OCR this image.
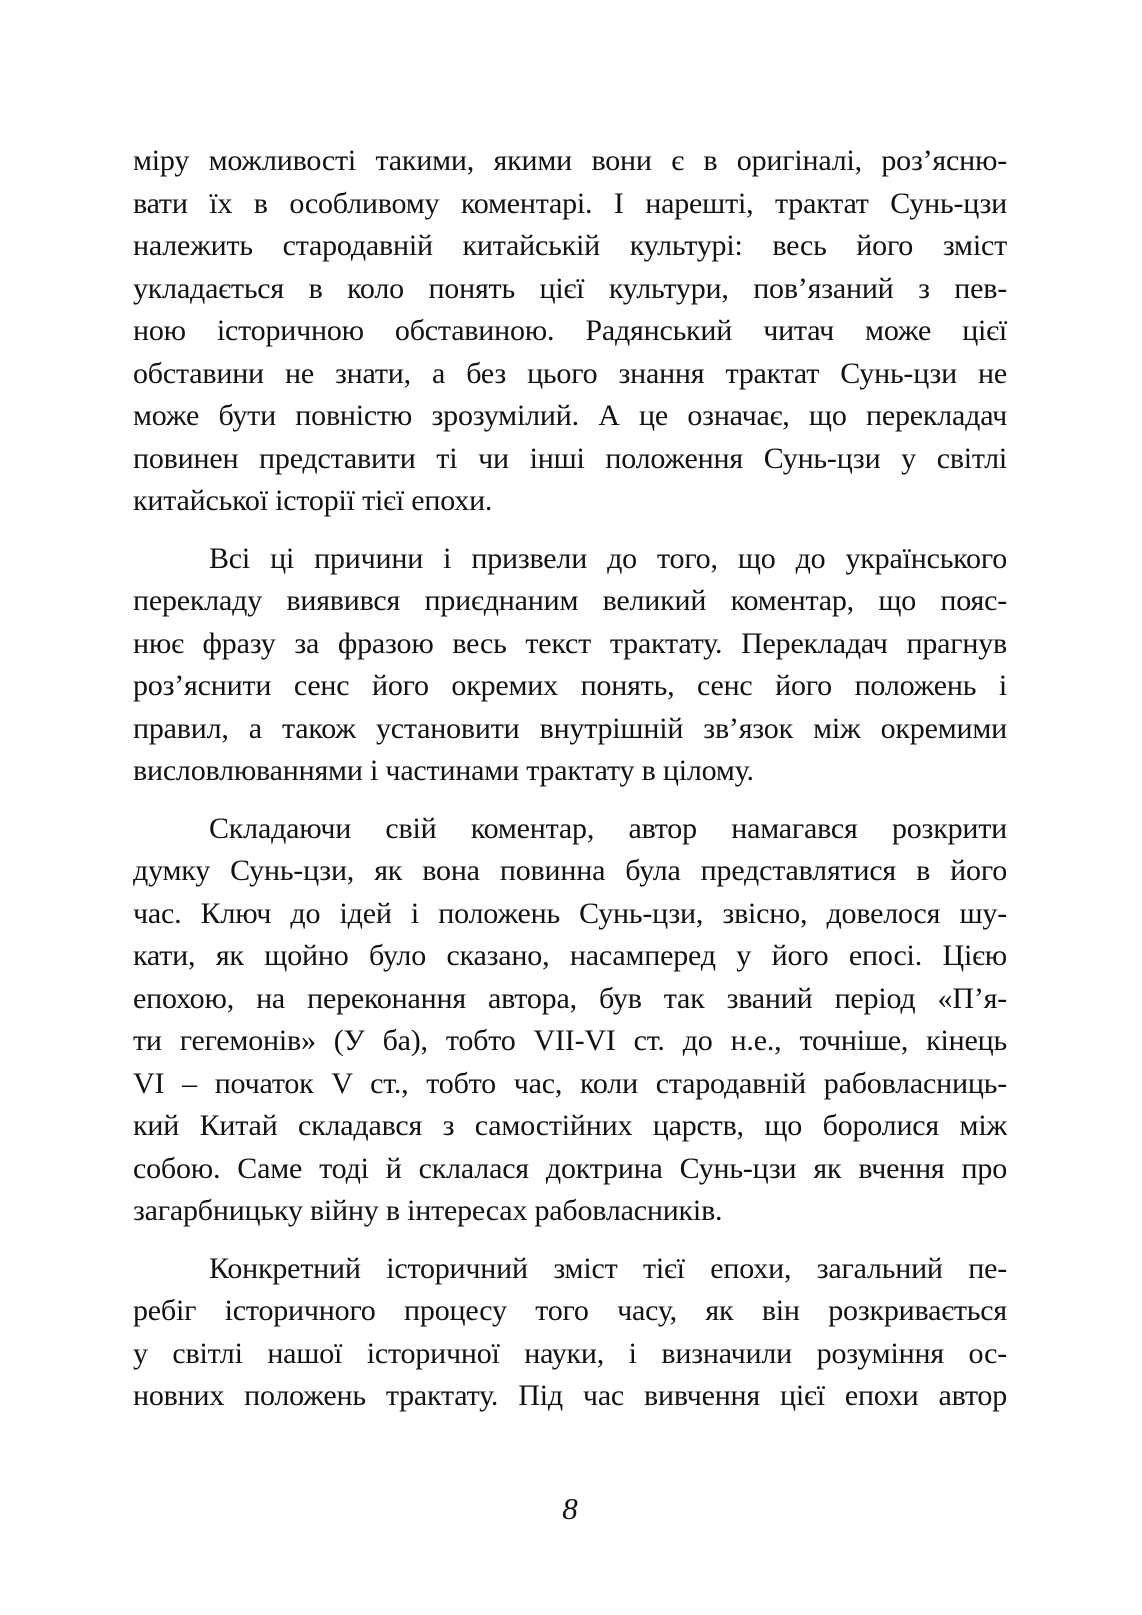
міру можливості такими, якими вони є в оригіналі, роз’ясню-
вати їх в особливому коментарі. І нарешті, трактат Сунь-цзи
належить стародавній китайській культурі: весь його зміст
укладається в коло понять цієї культури, пов’язаний з пев-
ною історичною обставиною. Радянський читач може цієї
обставини не знати, а без цього знання трактат Сунь-цзи не
може бути повністю зрозумілий. А це означає, що перекладач
повинен представити ті чи інші положення Сунь-цзи у світлі
китайської історії тієї епохи.
Всі ці причини і призвели до того, що до українського
перекладу виявився приєднаним великий коментар, що пояс-
нює фразу за фразою весь текст трактату. Перекладач прагнув
роз’яснити сенс його окремих понять, сенс його положень і
правил, а також установити внутрішній зв’язок між окремими
висловлюваннями і частинами трактату в цілому.
Складаючи свій коментар, автор намагався розкрити
думку Сунь-цзи, як вона повинна була представлятися в його
час. Ключ до ідей і положень Сунь-цзи, звісно, довелося шу-
кати, як щойно було сказано, насамперед у його епосі. Цією
епохою, на переконання автора, був так званий період «П’я-
ти гегемонів» (У ба), тобто VII-VI ст. до н.е., точніше, кінець
VI – початок V ст., тобто час, коли стародавній рабовласниць-
кий Китай складався з самостійних царств, що боролися між
собою. Саме тоді й склалася доктрина Сунь-цзи як вчення про
загарбницьку війну в інтересах рабовласників.
Конкретний історичний зміст тієї епохи, загальний пе-
ребіг історичного процесу того часу, як він розкривається
у світлі нашої історичної науки, і визначили розуміння ос-
новних положень трактату. Під час вивчення цієї епохи автор
8
